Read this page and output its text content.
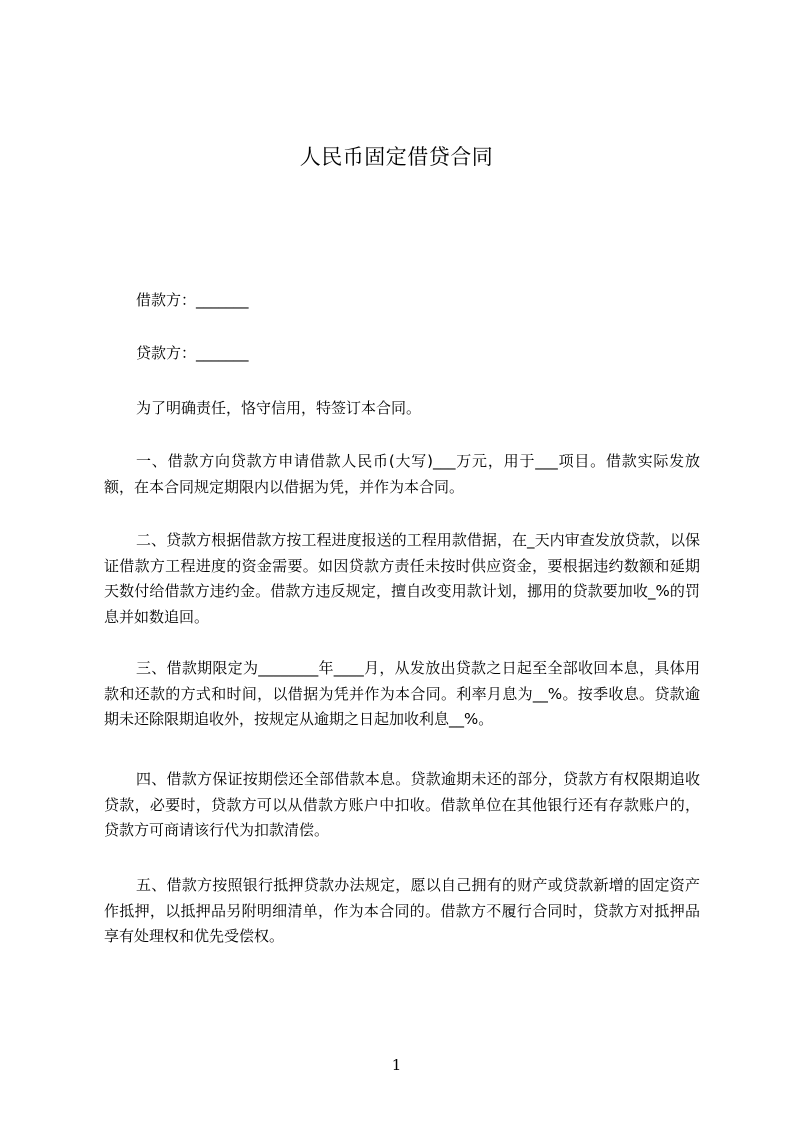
人民币固定借贷合同
借款方：_______
贷款方：_______
为了明确责任，恪守信用，特签订本合同。
一、借款方向贷款方申请借款人民币(大写)___万元，用于___项目。借款实际发放额，在本合同规定期限内以借据为凭，并作为本合同。
二、贷款方根据借款方按工程进度报送的工程用款借据，在_天内审查发放贷款，以保证借款方工程进度的资金需要。如因贷款方责任未按时供应资金，要根据违约数额和延期天数付给借款方违约金。借款方违反规定，擅自改变用款计划，挪用的贷款要加收_%的罚息并如数追回。
三、借款期限定为________年____月，从发放出贷款之日起至全部收回本息，具体用款和还款的方式和时间，以借据为凭并作为本合同。利率月息为__%。按季收息。贷款逾期未还除限期追收外，按规定从逾期之日起加收利息__%。
四、借款方保证按期偿还全部借款本息。贷款逾期未还的部分，贷款方有权限期追收贷款，必要时，贷款方可以从借款方账户中扣收。借款单位在其他银行还有存款账户的，贷款方可商请该行代为扣款清偿。
五、借款方按照银行抵押贷款办法规定，愿以自己拥有的财产或贷款新增的固定资产作抵押，以抵押品另附明细清单，作为本合同的。借款方不履行合同时，贷款方对抵押品享有处理权和优先受偿权。
1
